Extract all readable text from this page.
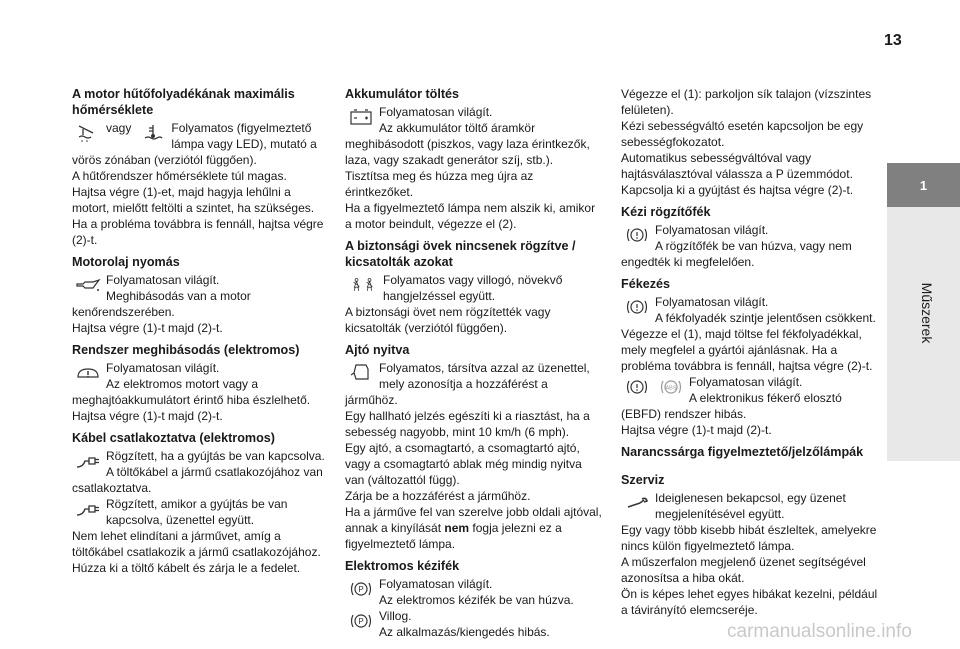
13
1
Műszerek
A motor hűtőfolyadékának maximális hőmérséklete
vagy	Folyamatos (figyelmeztető lámpa vagy LED), mutató a

vörös zónában (verziótól függően).
A hűtőrendszer hőmérséklete túl magas.
Hajtsa végre (1)-et, majd hagyja lehűlni a motort, mielőtt feltölti a szintet, ha szükséges. Ha a probléma továbbra is fennáll, hajtsa végre (2)-t.

Motorolaj nyomás
Folyamatosan világít.
Meghibásodás van a motor

kenőrendszerében.
Hajtsa végre (1)-t majd (2)-t.

Rendszer meghibásodás (elektromos)
Folyamatosan világít.
Az elektromos motort vagy a

meghajtóakkumulátort érintő hiba észlelhető.
Hajtsa végre (1)-t majd (2)-t.

Kábel csatlakoztatva (elektromos)
Rögzített, ha a gyújtás be van kapcsolva.
A töltőkábel a jármű csatlakozójához van

csatlakoztatva.

Rögzített, amikor a gyújtás be van kapcsolva, üzenettel együtt.

Nem lehet elindítani a járművet, amíg a töltőkábel csatlakozik a jármű csatlakozójához.
Húzza ki a töltő kábelt és zárja le a fedelet.

Akkumulátor töltés
Folyamatosan világít.
Az akkumulátor töltő áramkör

meghibásodott (piszkos, vagy laza érintkezők, laza, vagy szakadt generátor szíj, stb.).
Tisztítsa meg és húzza meg újra az érintkezőket.
Ha a figyelmeztető lámpa nem alszik ki, amikor a motor beindult, végezze el (2).

A biztonsági övek nincsenek rögzítve / kicsatolták azokat
Folyamatos vagy villogó, növekvő hangjelzéssel együtt.

A biztonsági övet nem rögzítették vagy kicsatolták (verziótól függően).

Ajtó nyitva
Folyamatos, társítva azzal az üzenettel, mely azonosítja a hozzáférést a

járműhöz.
Egy hallható jelzés egészíti ki a riasztást, ha a sebesség nagyobb, mint 10 km/h (6 mph).
Egy ajtó, a csomagtartó, a csomagtartó ajtó, vagy a csomagtartó ablak még mindig nyitva van (változattól függ).
Zárja be a hozzáférést a járműhöz.
Ha a járműve fel van szerelve jobb oldali ajtóval, annak a kinyílását nem fogja jelezni ez a figyelmeztető lámpa.

Elektromos kézifék
P Folyamatosan világít.
Az elektromos kézifék be van húzva.
P Villog.
Az alkalmazás/kiengedés hibás.

Végezze el (1): parkoljon sík talajon (vízszintes felületen).
Kézi sebességváltó esetén kapcsoljon be egy sebességfokozatot.
Automatikus sebességváltóval vagy hajtásválasztóval válassza a P üzemmódot.
Kapcsolja ki a gyújtást és hajtsa végre (2)-t.

Kézi rögzítőfék
Folyamatosan világít.
A rögzítőfék be van húzva, vagy nem

engedték ki megfelelően.

Fékezés
Folyamatosan világít.
A fékfolyadék szintje jelentősen csökkent.

Végezze el (1), majd töltse fel fékfolyadékkal, mely megfelel a gyártói ajánlásnak. Ha a probléma továbbra is fennáll, hajtsa végre (2)-t.

ABS Folyamatosan világít.
A elektronikus fékerő elosztó

(EBFD) rendszer hibás.
Hajtsa végre (1)-t majd (2)-t.

Narancssárga figyelmeztető/jelzőlámpák
Szerviz
Ideiglenesen bekapcsol, egy üzenet megjelenítésével együtt.

Egy vagy több kisebb hibát észleltek, amelyekre nincs külön figyelmeztető lámpa.
A műszerfalon megjelenő üzenet segítségével azonosítsa a hiba okát.
Ön is képes lehet egyes hibákat kezelni, például a távirányító elemcseréje.

carmanualsonline.info
